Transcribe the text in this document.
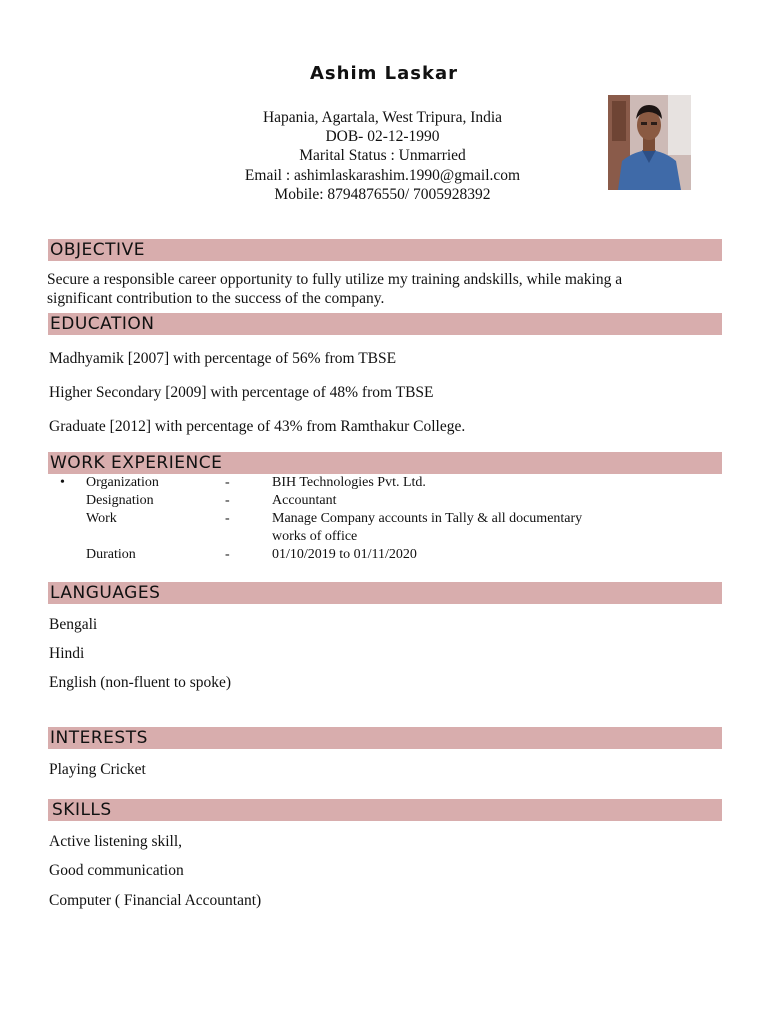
Ashim Laskar
Hapania, Agartala, West Tripura, India
DOB- 02-12-1990
Marital Status : Unmarried
Email : ashimlaskarashim.1990@gmail.com
Mobile: 8794876550/ 7005928392
OBJECTIVE
Secure a responsible career opportunity to fully utilize my training andskills, while making a
significant contribution to the success of the company.
EDUCATION
Madhyamik [2007] with percentage of 56% from TBSE
Higher Secondary [2009] with percentage of 48% from TBSE
Graduate [2012] with percentage of 43% from Ramthakur College.
WORK EXPERIENCE
• Organization	-	BIH Technologies Pvt. Ltd.
Designation	-	Accountant
Work	-	Manage Company accounts in Tally & all documentary
works of office
Duration	-	01/10/2019 to 01/11/2020
LANGUAGES
Bengali
Hindi
English (non-fluent to spoke)
INTERESTS
Playing Cricket
SKILLS
Active listening skill,
Good communication
Computer ( Financial Accountant)
